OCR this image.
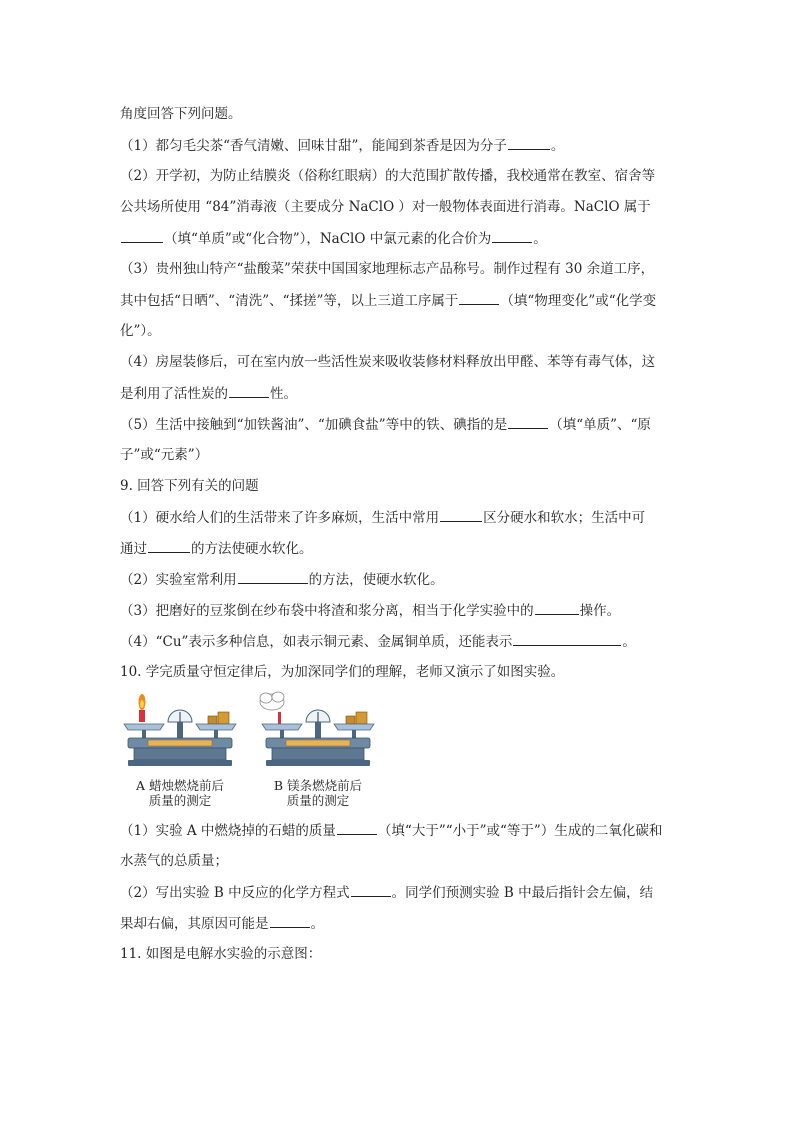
角度回答下列问题。
（1）都匀毛尖茶“香气清嫩、回味甘甜”，能闻到茶香是因为分子	。
（2）开学初，为防止结膜炎（俗称红眼病）的大范围扩散传播，我校通常在教室、宿舍等
公共场所使用 “84”消毒液（主要成分 NaClO ）对一般物体表面进行消毒。NaClO 属于
（填“单质”或“化合物”），NaClO 中氯元素的化合价为	。
（3）贵州独山特产“盐酸菜”荣获中国国家地理标志产品称号。制作过程有 30 余道工序，
其中包括“日晒”、“清洗”、“揉搓”等，以上三道工序属于	（填“物理变化”或“化学变
化”）。
（4）房屋装修后，可在室内放一些活性炭来吸收装修材料释放出甲醛、苯等有毒气体，这
是利用了活性炭的	性。
（5）生活中接触到“加铁酱油”、“加碘食盐”等中的铁、碘指的是	（填“单质”、“原
子”或“元素”）
9. 回答下列有关的问题
（1）硬水给人们的生活带来了许多麻烦，生活中常用	区分硬水和软水；生活中可
通过	的方法使硬水软化。
（2）实验室常利用	的方法，使硬水软化。
（3）把磨好的豆浆倒在纱布袋中将渣和浆分离，相当于化学实验中的	操作。
（4）“Cu”表示多种信息，如表示铜元素、金属铜单质，还能表示	。
10. 学完质量守恒定律后，为加深同学们的理解，老师又演示了如图实验。
A 蜡烛燃烧前后
质量的测定
B 镁条燃烧前后
质量的测定
（1）实验 A 中燃烧掉的石蜡的质量	（填“大于”“小于”或“等于”）生成的二氧化碳和
水蒸气的总质量；
（2）写出实验 B 中反应的化学方程式	。同学们预测实验 B 中最后指针会左偏，结
果却右偏，其原因可能是	。
11. 如图是电解水实验的示意图：
